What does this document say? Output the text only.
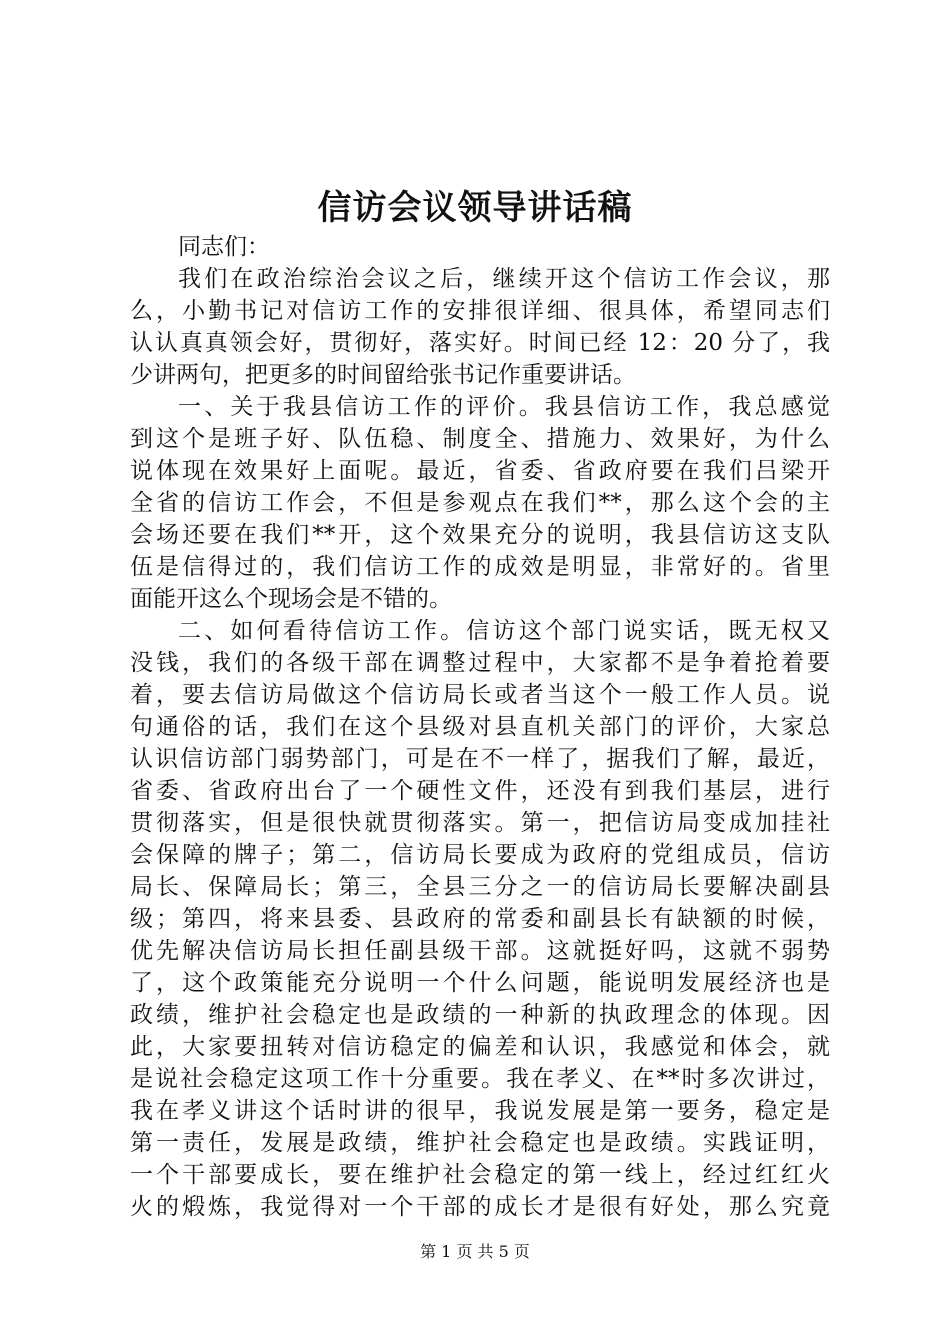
信访会议领导讲话稿
同志们：
我们在政治综治会议之后，继续开这个信访工作会议，那
么，小勤书记对信访工作的安排很详细、很具体，希望同志们
认认真真领会好，贯彻好，落实好。时间已经 12：20 分了，我
少讲两句，把更多的时间留给张书记作重要讲话。
一、关于我县信访工作的评价。我县信访工作，我总感觉
到这个是班子好、队伍稳、制度全、措施力、效果好，为什么
说体现在效果好上面呢。最近，省委、省政府要在我们吕梁开
全省的信访工作会，不但是参观点在我们**，那么这个会的主
会场还要在我们**开，这个效果充分的说明，我县信访这支队
伍是信得过的，我们信访工作的成效是明显，非常好的。省里
面能开这么个现场会是不错的。
二、如何看待信访工作。信访这个部门说实话，既无权又
没钱，我们的各级干部在调整过程中，大家都不是争着抢着要
着，要去信访局做这个信访局长或者当这个一般工作人员。说
句通俗的话，我们在这个县级对县直机关部门的评价，大家总
认识信访部门弱势部门，可是在不一样了，据我们了解，最近，
省委、省政府出台了一个硬性文件，还没有到我们基层，进行
贯彻落实，但是很快就贯彻落实。第一，把信访局变成加挂社
会保障的牌子；第二，信访局长要成为政府的党组成员，信访
局长、保障局长；第三，全县三分之一的信访局长要解决副县
级；第四，将来县委、县政府的常委和副县长有缺额的时候，
优先解决信访局长担任副县级干部。这就挺好吗，这就不弱势
了，这个政策能充分说明一个什么问题，能说明发展经济也是
政绩，维护社会稳定也是政绩的一种新的执政理念的体现。因
此，大家要扭转对信访稳定的偏差和认识，我感觉和体会，就
是说社会稳定这项工作十分重要。我在孝义、在**时多次讲过，
我在孝义讲这个话时讲的很早，我说发展是第一要务，稳定是
第一责任，发展是政绩，维护社会稳定也是政绩。实践证明，
一个干部要成长，要在维护社会稳定的第一线上，经过红红火
火的煅炼，我觉得对一个干部的成长才是很有好处，那么究竟
第 1 页 共 5 页
